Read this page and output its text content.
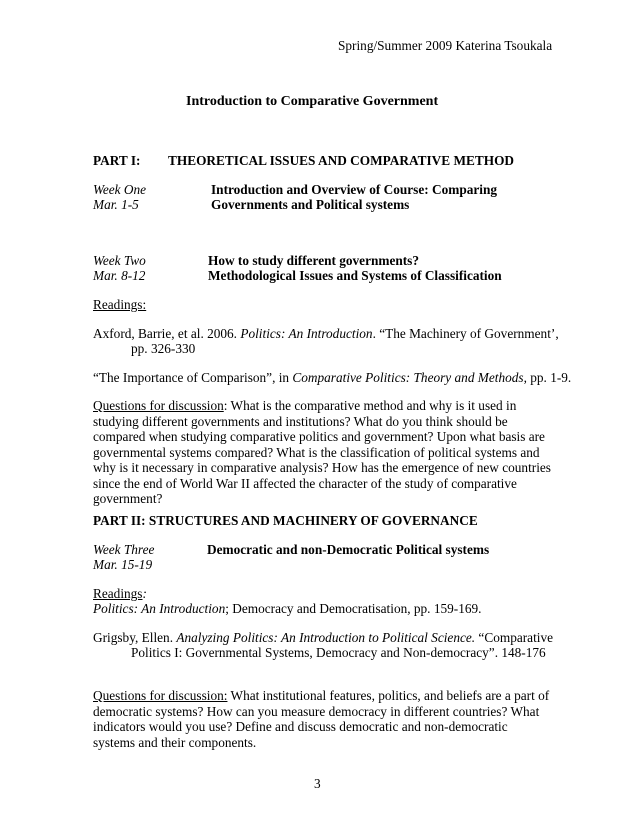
Spring/Summer 2009 Katerina Tsoukala
Introduction to Comparative Government
PART I: THEORETICAL ISSUES AND COMPARATIVE METHOD
Week One
Mar. 1-5
Introduction and Overview of Course: Comparing
Governments and Political systems
Week Two
Mar. 8-12
How to study different governments?
Methodological Issues and Systems of Classification
Readings:
Axford, Barrie, et al. 2006. Politics: An Introduction. “The Machinery of Government’,
pp. 326-330
“The Importance of Comparison”, in Comparative Politics: Theory and Methods, pp. 1-9.
Questions for discussion: What is the comparative method and why is it used in studying different governments and institutions? What do you think should be compared when studying comparative politics and government? Upon what basis are governmental systems compared? What is the classification of political systems and why is it necessary in comparative analysis? How has the emergence of new countries since the end of World War II affected the character of the study of comparative government?
PART II: STRUCTURES AND MACHINERY OF GOVERNANCE
Week Three
Mar. 15-19
Democratic and non-Democratic Political systems
Readings:
Politics: An Introduction; Democracy and Democratisation, pp. 159-169.
Grigsby, Ellen. Analyzing Politics: An Introduction to Political Science. “Comparative
Politics I: Governmental Systems, Democracy and Non-democracy”. 148-176
Questions for discussion: What institutional features, politics, and beliefs are a part of democratic systems? How can you measure democracy in different countries? What indicators would you use? Define and discuss democratic and non-democratic systems and their components.
3
